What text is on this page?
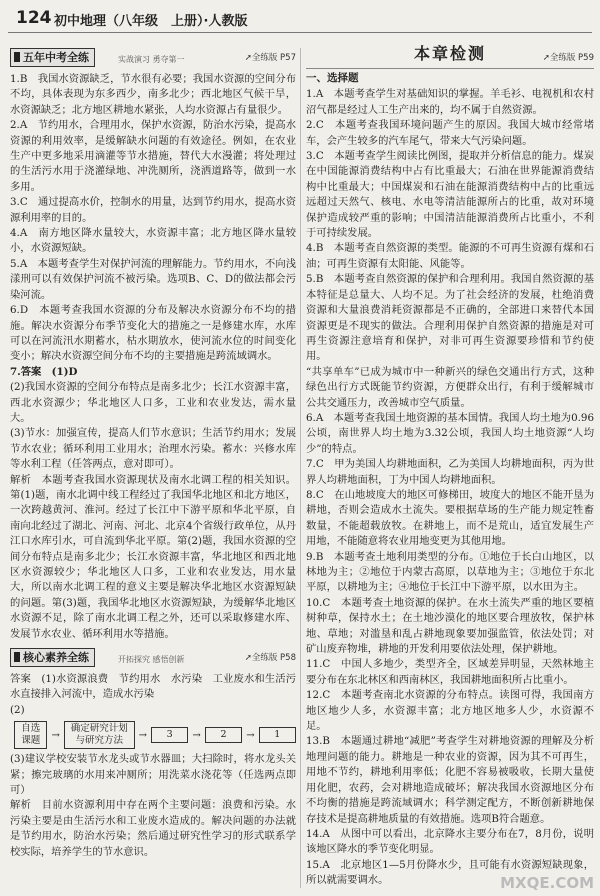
124 初中地理（八年级　上册）·人教版
五年中考全练	实战演习 勇夺第一	➚全练版 P57

1.B　我国水资源缺乏，节水很有必要；我国水资源的空间分布不均，具体表现为东多西少，南多北少；西北地区气候干旱，水资源缺乏；北方地区耕地水紧张，人均水资源占有量很少。

2.A　节约用水，合理用水，保护水资源，防治水污染，提高水资源的利用效率，是缓解缺水问题的有效途径。例如，在农业生产中更多地采用滴灌等节水措施，替代大水漫灌；将处理过的生活污水用于浇灌绿地、冲洗厕所，浇洒道路等，做到一水多用。

3.C　通过提高水价，控制水的用量，达到节约用水，提高水资源利用率的目的。

4.A　南方地区降水量较大，水资源丰富；北方地区降水量较小，水资源短缺。

5.A　本题考查学生对保护河流的理解能力。节约用水，不向浅漾刑可以有效保护河流不被污染。选项B、C、D的做法都会污染河流。

6.D　本题考查我国水资源的分布及解决水资源分布不均的措施。解决水资源分布季节变化大的措施之一是修建水库，水库可以在河流汛水期蓄水，枯水期放水，使河流水位的时间变化变小；解决水资源空间分布不均的主要措施是跨流域调水。

7.答案　(1)D

(2)我国水资源的空间分布特点是南多北少；长江水资源丰富，西北水资源少；华北地区人口多，工业和农业发达，需水量大。

(3)节水：加强宣传，提高人们节水意识；生活节约用水；发展节水农业；循环利用工业用水；治理水污染。蓄水：兴修水库等水利工程（任答两点，意对即可）。

解析　本题考查我国水资源现状及南水北调工程的相关知识。第(1)题，南水北调中线工程经过了我国华北地区和北方地区，一次跨越黄河、淮河。经过了长江中下游平原和华北平原，自南向北经过了湖北、河南、河北、北京4个省级行政单位，从丹江口水库引水，可自流到华北平原。第(2)题，我国水资源的空间分布特点是南多北少；长江水资源丰富，华北地区和西北地区水资源较少；华北地区人口多，工业和农业发达，用水量大，所以南水北调工程的意义主要是解决华北地区水资源短缺的问题。第(3)题，我国华北地区水资源短缺，为缓解华北地区水资源不足，除了南水北调工程之外，还可以采取修建水库、发展节水农业、循环利用水等措施。

核心素养全练	开拓探究 感悟创新	➚全练版 P58

答案　(1)水资源浪费　节约用水　水污染　工业废水和生活污水直接排入河流中，造成水污染

(2)

自选课题
→
确定研究计划与研究方法
→	3	→	2	→	1

(3)建议学校安装节水龙头或节水器皿；大扫除时，将水龙头关紧；擦完玻璃的水用来冲厕所；用洗菜水浇花等（任选两点即可）

解析　目前水资源利用中存在两个主要问题：浪费和污染。水污染主要是由生活污水和工业废水造成的。解决问题的办法就是节约用水，防治水污染；然后通过研究性学习的形式联系学校实际，培养学生的节水意识。

本章检测	➚全练版 P59
一、选择题

1.A　本题考查学生对基础知识的掌握。羊毛衫、电视机和农村沼气都是经过人工生产出来的，均不属于自然资源。

2.C　本题考查我国环境问题产生的原因。我国大城市经常堵车，会产生较多的汽车尾气，带来大气污染问题。

3.C　本题考查学生阅读比例图，提取并分析信息的能力。煤炭在中国能源消费结构中占有比重最大；石油在世界能源消费结构中比重最大；中国煤炭和石油在能源消费结构中占的比重远远超过天然气、核电、水电等清洁能源所占的比重，故对环境保护造成较严重的影响；中国清洁能源消费所占比重小，不利于可持续发展。

4.B　本题考查自然资源的类型。能源的不可再生资源有煤和石油；可再生资源有太阳能、风能等。

5.B　本题考查自然资源的保护和合理利用。我国自然资源的基本特征是总量大、人均不足。为了社会经济的发展，杜绝消费资源和大量浪费消耗资源都是不正确的，全部进口来替代本国资源更是不现实的做法。合理利用保护自然资源的措施是对可再生资源注意培育和保护，对非可再生资源要珍惜和节约使用。

“共享单车”已成为城市中一种新兴的绿色交通出行方式，这种绿色出行方式既能节约资源，方便群众出行，有利于缓解城市公共交通压力，改善城市空气质量。

6.A　本题考查我国土地资源的基本国情。我国人均土地为0.96公顷，南世界人均土地为3.32公顷，我国人均土地资源“人均少”的特点。

7.C　甲为美国人均耕地面积，乙为美国人均耕地面积，丙为世界人均耕地面积，丁为中国人均耕地面积。

8.C　在山地坡度大的地区可修梯田，坡度大的地区不能开垦为耕地，否则会造成水土流失。要根据草场的生产能力规定牲畜数量，不能超载放牧。在耕地上，而不是荒山，适宜发展生产用地，不能随意将农业用地变更为其他用地。

9.B　本题考查土地利用类型的分布。①地位于长白山地区，以林地为主；②地位于内蒙古高原，以草地为主；③地位于东北平原，以耕地为主；④地位于长江中下游平原，以水田为主。

10.C　本题考查土地资源的保护。在水土流失严重的地区要植树种草，保持水土；在土地沙漠化的地区要合理放牧，保护林地、草地；对滥垦和乱占耕地现象要加强监管，依法处罚；对矿山废弃物堆，耕地的开发利用要依法处理，保护耕地。

11.C　中国人多地少，类型齐全，区域差异明显，天然林地主要分布在东北林区和西南林区，我国耕地面积所占比重小。

12.C　本题考查南北水资源的分布特点。读图可得，我国南方地区地少人多，水资源丰富；北方地区地多人少，水资源不足。

13.B　本题通过耕地“减肥”考查学生对耕地资源的理解及分析地理问题的能力。耕地是一种农业的资源，因为其不可再生，用地不节约，耕地利用率低；化肥不容易被吸收，长期大量使用化肥，农药，会对耕地造成破坏；解决我国水资源地区分布不均衡的措施是跨流域调水；科学测定配方，不断创新耕地保存技术是提高耕地质量的有效措施。选项B符合题意。

14.A　从图中可以看出，北京降水主要分布在7，8月份，说明该地区降水的季节变化明显。

15.A　北京地区1—5月份降水少，且可能有水资源短缺现象，所以就需要调水。	MXQE.COM
